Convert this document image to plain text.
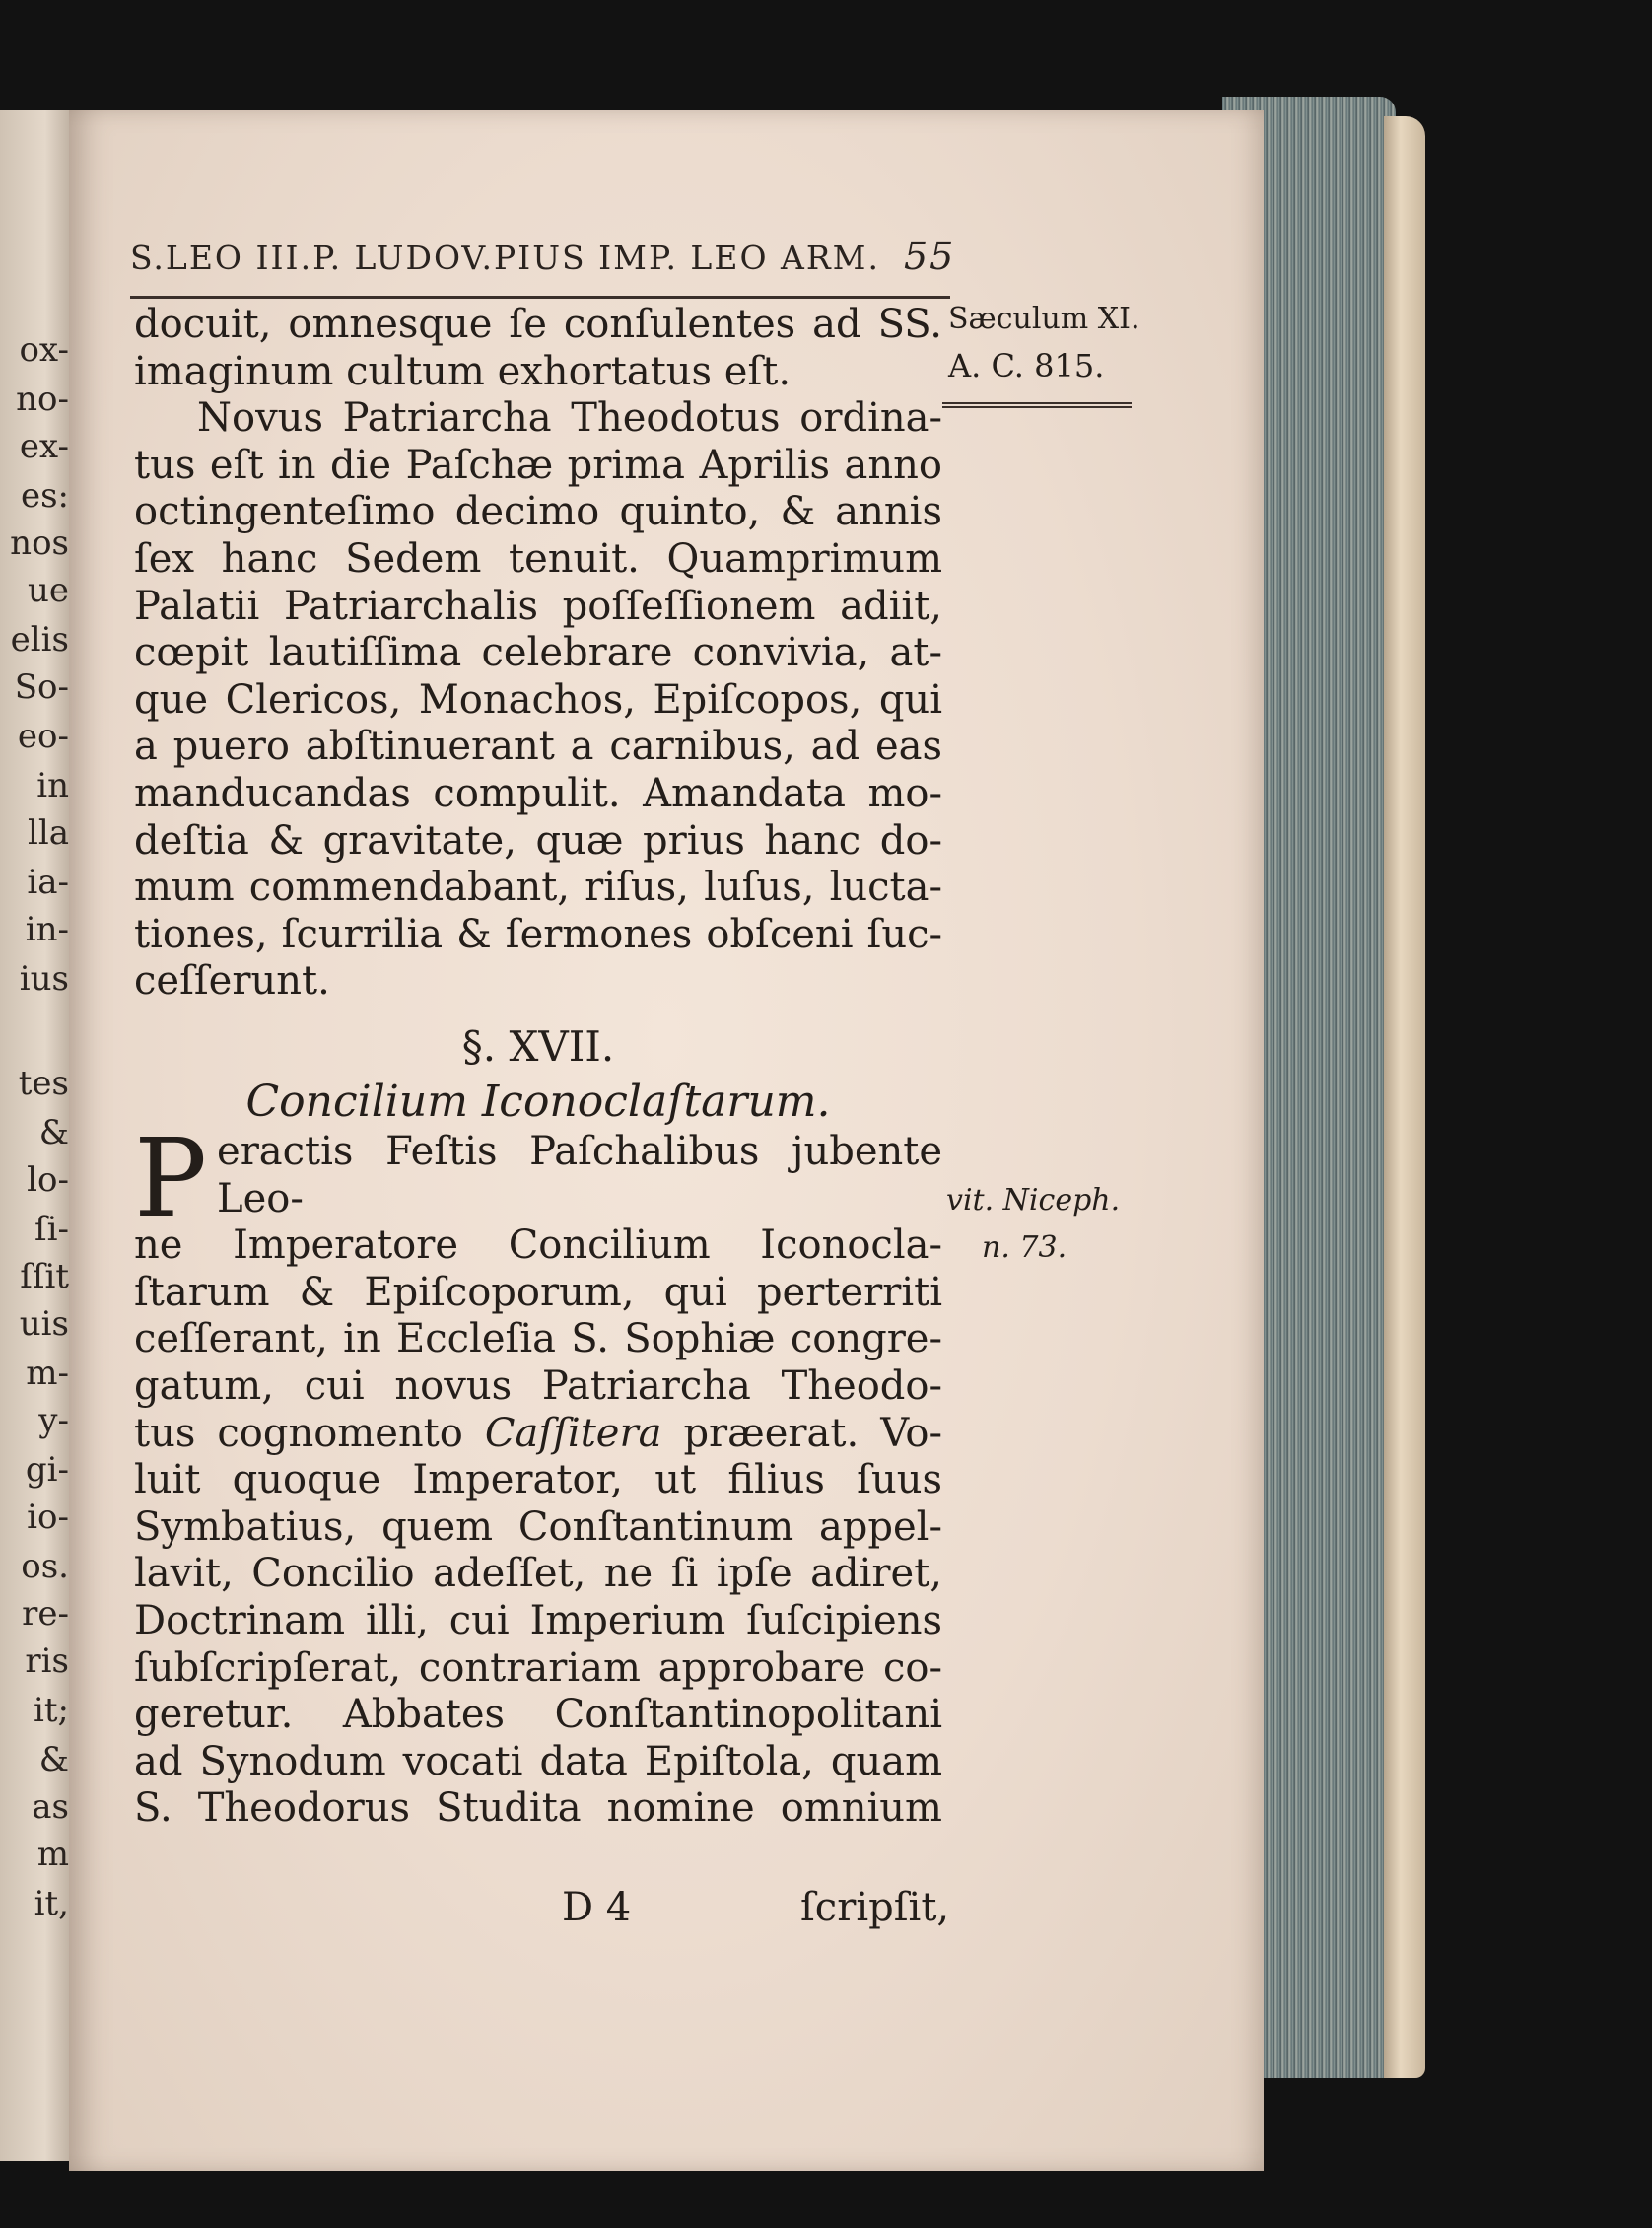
ox-
no-
ex-
es:
nos
ue
elis
So-
eo-
in
lla
ia-
in-
ius
tes
&
lo-
ſi-
ſſit
uis
m-
y-
gi-
io-
os.
re-
ris
it;
&
as
m
it,
S.LEO III.P. LUDOV.PIUS IMP. LEO ARM. 55
Sæculum XI.
A. C. 815.
vit. Niceph.
n. 73.

docuit, omnesque ſe conſulentes ad SS.

imaginum cultum exhortatus eſt.

Novus Patriarcha Theodotus ordina-

tus eſt in die Paſchæ prima Aprilis anno

octingenteſimo decimo quinto, & annis

ſex hanc Sedem tenuit. Quamprimum

Palatii Patriarchalis poſſeſſionem adiit,

cœpit lautiſſima celebrare convivia, at-

que Clericos, Monachos, Epiſcopos, qui

a puero abſtinuerant a carnibus, ad eas

manducandas compulit. Amandata mo-

deſtia & gravitate, quæ prius hanc do-

mum commendabant, riſus, luſus, lucta-

tiones, ſcurrilia & ſermones obſceni ſuc-

ceſſerunt.

§. XVII.

Concilium Iconoclaſtarum.

P eractis Feſtis Paſchalibus jubente Leo-

ne Imperatore Concilium Iconocla-

ſtarum & Epiſcoporum, qui perterriti

ceſſerant, in Eccleſia S. Sophiæ congre-

gatum, cui novus Patriarcha Theodo-

tus cognomento Caſſitera præerat. Vo-

luit quoque Imperator, ut filius ſuus

Symbatius, quem Conſtantinum appel-

lavit, Concilio adeſſet, ne ſi ipſe adiret,

Doctrinam illi, cui Imperium ſuſcipiens

ſubſcripſerat, contrariam approbare co-

geretur. Abbates Conſtantinopolitani

ad Synodum vocati data Epiſtola, quam

S. Theodorus Studita nomine omnium

D 4	ſcripſit,
